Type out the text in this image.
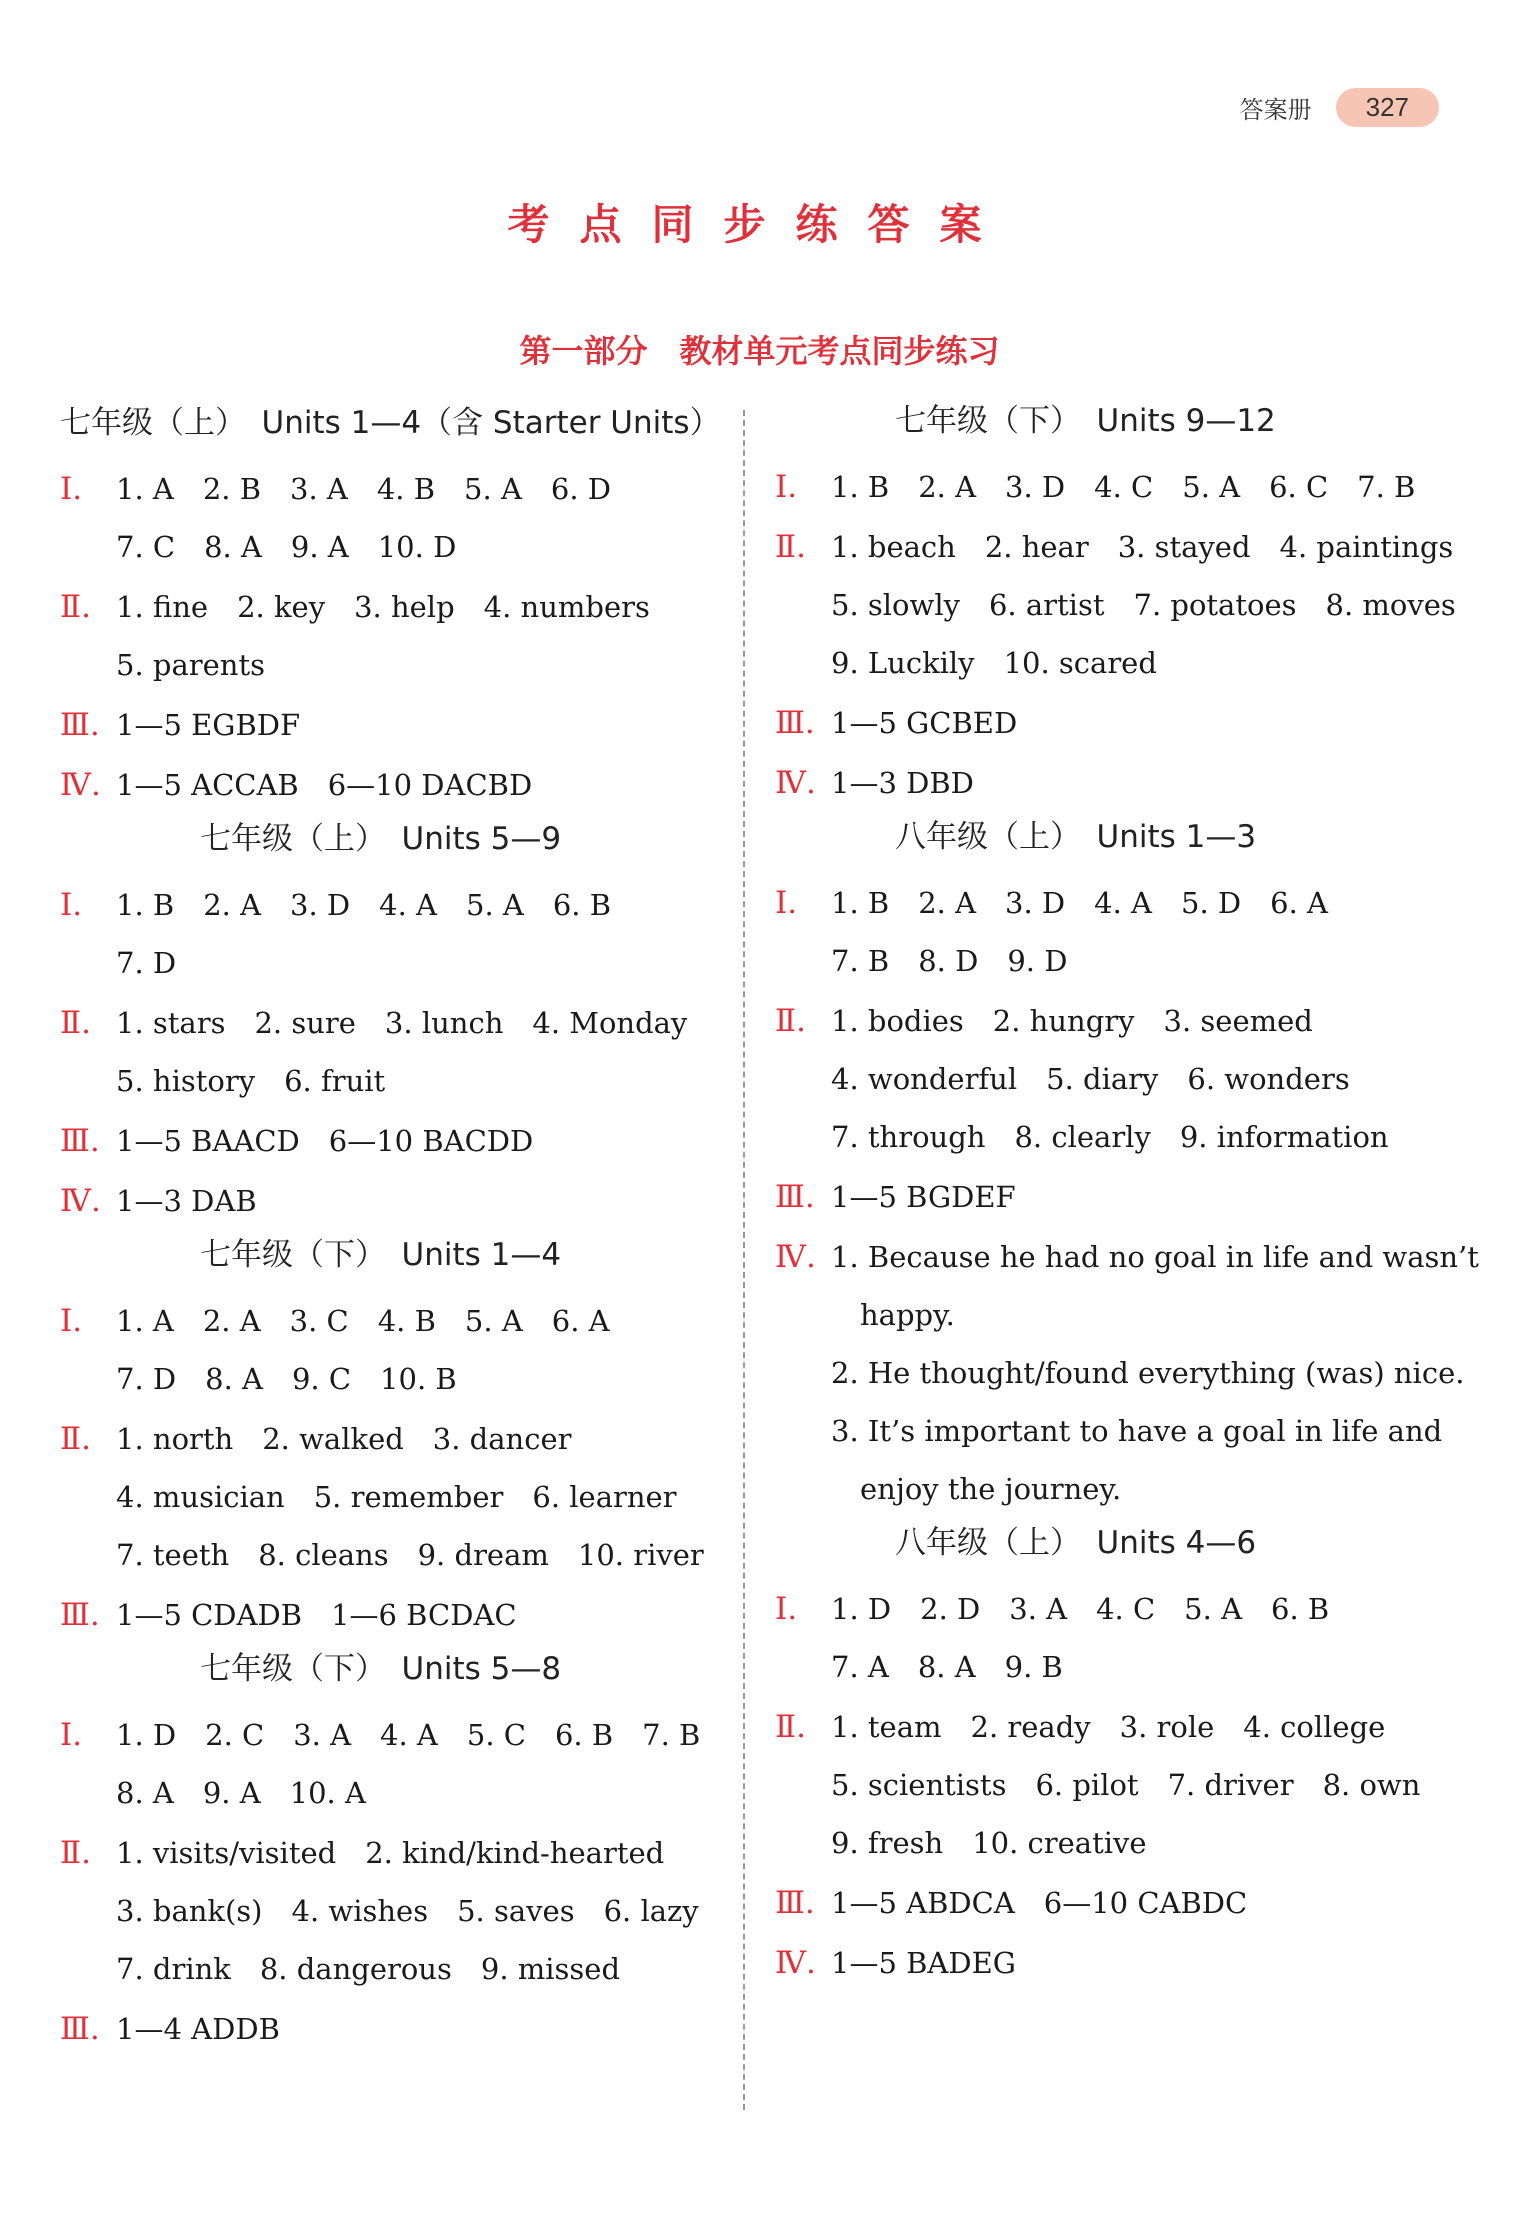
答案册	327
考点同步练答案
第一部分　教材单元考点同步练习
七年级（上）　Units 1—4（含 Starter Units）
Ⅰ. 1. A　2. B　3. A　4. B　5. A　6. D
7. C　8. A　9. A　10. D
Ⅱ. 1. fine　2. key　3. help　4. numbers
5. parents
Ⅲ. 1—5 EGBDF
Ⅳ. 1—5 ACCAB　6—10 DACBD
七年级（上）　Units 5—9
Ⅰ. 1. B　2. A　3. D　4. A　5. A　6. B
7. D
Ⅱ. 1. stars　2. sure　3. lunch　4. Monday
5. history　6. fruit
Ⅲ. 1—5 BAACD　6—10 BACDD
Ⅳ. 1—3 DAB
七年级（下）　Units 1—4
Ⅰ. 1. A　2. A　3. C　4. B　5. A　6. A
7. D　8. A　9. C　10. B
Ⅱ. 1. north　2. walked　3. dancer
4. musician　5. remember　6. learner
7. teeth　8. cleans　9. dream　10. river
Ⅲ. 1—5 CDADB　1—6 BCDAC
七年级（下）　Units 5—8
Ⅰ. 1. D　2. C　3. A　4. A　5. C　6. B　7. B
8. A　9. A　10. A
Ⅱ. 1. visits/visited　2. kind/kind-hearted
3. bank(s)　4. wishes　5. saves　6. lazy
7. drink　8. dangerous　9. missed
Ⅲ. 1—4 ADDB
七年级（下）　Units 9—12
Ⅰ. 1. B　2. A　3. D　4. C　5. A　6. C　7. B
Ⅱ. 1. beach　2. hear　3. stayed　4. paintings
5. slowly　6. artist　7. potatoes　8. moves
9. Luckily　10. scared
Ⅲ. 1—5 GCBED
Ⅳ. 1—3 DBD
八年级（上）　Units 1—3
Ⅰ. 1. B　2. A　3. D　4. A　5. D　6. A
7. B　8. D　9. D
Ⅱ. 1. bodies　2. hungry　3. seemed
4. wonderful　5. diary　6. wonders
7. through　8. clearly　9. information
Ⅲ. 1—5 BGDEF
Ⅳ. 1. Because he had no goal in life and wasn’t
　happy.
2. He thought/found everything (was) nice.
3. It’s important to have a goal in life and
　enjoy the journey.
八年级（上）　Units 4—6
Ⅰ. 1. D　2. D　3. A　4. C　5. A　6. B
7. A　8. A　9. B
Ⅱ. 1. team　2. ready　3. role　4. college
5. scientists　6. pilot　7. driver　8. own
9. fresh　10. creative
Ⅲ. 1—5 ABDCA　6—10 CABDC
Ⅳ. 1—5 BADEG
